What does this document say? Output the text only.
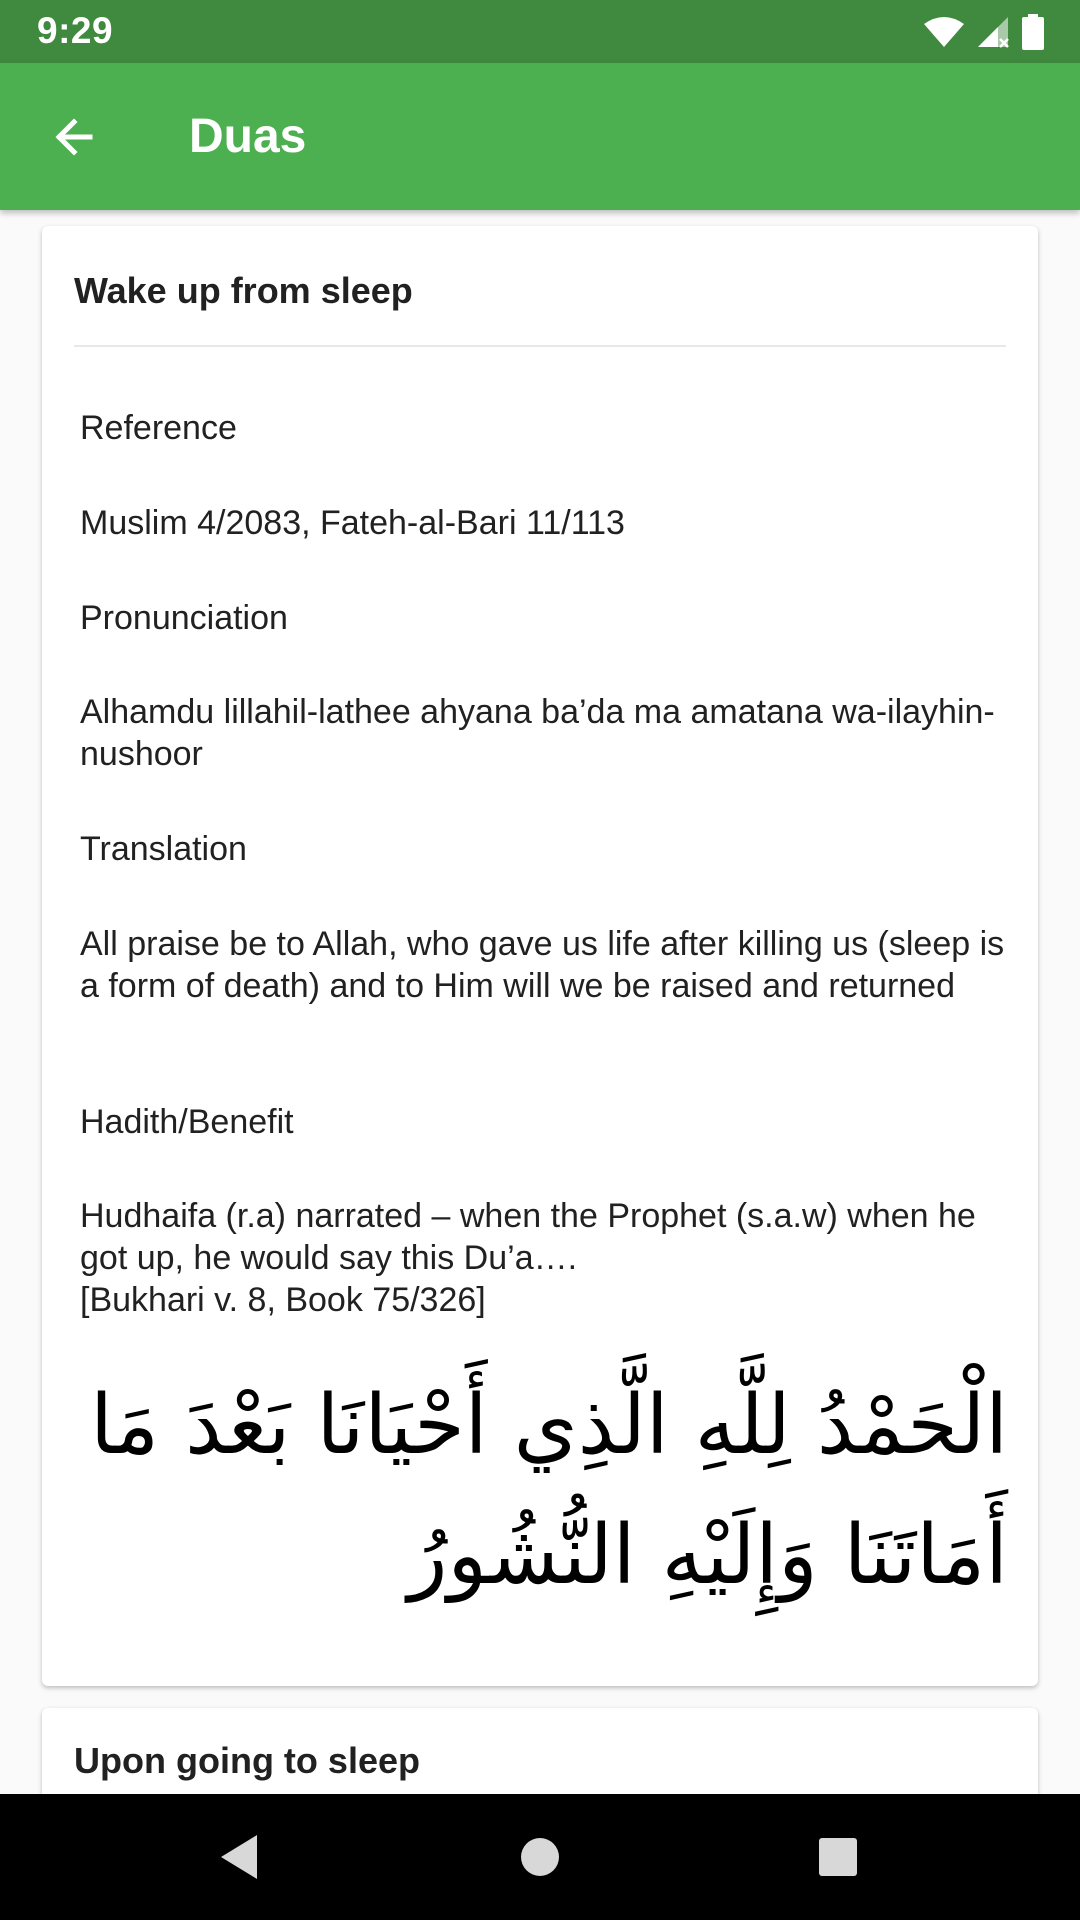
9:29
Duas
Wake up from sleep
Reference
Muslim 4/2083, Fateh-al-Bari 11/113
Pronunciation
Alhamdu lillahil-lathee ahyana ba’da ma amatana wa-ilayhin-nushoor
Translation
All praise be to Allah, who gave us life after killing us (sleep is a form of death) and to Him will we be raised and returned
Hadith/Benefit
Hudhaifa (r.a) narrated – when the Prophet (s.a.w) when he got up, he would say this Du’a….
[Bukhari v. 8, Book 75/326]
الْحَمْدُ لِلَّهِ الَّذِي أَحْيَانَا بَعْدَ مَا أَمَاتَنَا وَإِلَيْهِ النُّشُورُ
Upon going to sleep
